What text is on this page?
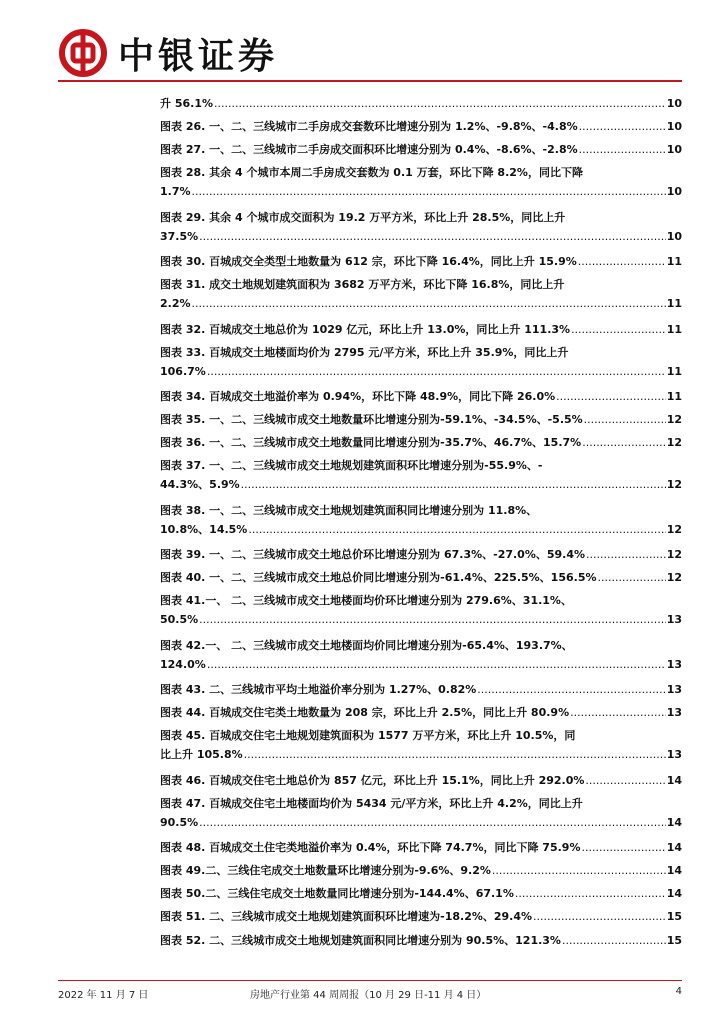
中银证券
升 56.1% .....	10
图表 26. 一、二、三线城市二手房成交套数环比增速分别为 1.2%、-9.8%、-4.8% .....	10
图表 27. 一、二、三线城市二手房成交面积环比增速分别为 0.4%、-8.6%、-2.8% .....	10
图表 28. 其余 4 个城市本周二手房成交套数为 0.1 万套，环比下降 8.2%，同比下降
1.7% .....	10
图表 29. 其余 4 个城市成交面积为 19.2 万平方米，环比上升 28.5%，同比上升
37.5% .....	10
图表 30. 百城成交全类型土地数量为 612 宗，环比下降 16.4%，同比上升 15.9% .....	11
图表 31. 成交土地规划建筑面积为 3682 万平方米，环比下降 16.8%，同比上升
2.2% .....	11
图表 32. 百城成交土地总价为 1029 亿元，环比上升 13.0%，同比上升 111.3% .....	11
图表 33. 百城成交土地楼面均价为 2795 元/平方米，环比上升 35.9%，同比上升
106.7% .....	11
图表 34. 百城成交土地溢价率为 0.94%，环比下降 48.9%，同比下降 26.0% .....	11
图表 35. 一、二、三线城市成交土地数量环比增速分别为-59.1%、-34.5%、-5.5% .....	12
图表 36. 一、二、三线城市成交土地数量同比增速分别为-35.7%、46.7%、15.7% .....	12
图表 37. 一、二、三线城市成交土地规划建筑面积环比增速分别为-55.9%、-
44.3%、5.9% .....	12
图表 38. 一、二、三线城市成交土地规划建筑面积同比增速分别为 11.8%、
10.8%、14.5% .....	12
图表 39. 一、二、三线城市成交土地总价环比增速分别为 67.3%、-27.0%、59.4% .....	12
图表 40. 一、二、三线城市成交土地总价同比增速分别为-61.4%、225.5%、156.5% .....	12
图表 41.一、 二、三线城市成交土地楼面均价环比增速分别为 279.6%、31.1%、
50.5% .....	13
图表 42.一、 二、三线城市成交土地楼面均价同比增速分别为-65.4%、193.7%、
124.0% .....	13
图表 43. 二、三线城市平均土地溢价率分别为 1.27%、0.82% .....	13
图表 44. 百城成交住宅类土地数量为 208 宗，环比上升 2.5%，同比上升 80.9% .....	13
图表 45. 百城成交住宅土地规划建筑面积为 1577 万平方米，环比上升 10.5%，同
比上升 105.8% .....	13
图表 46. 百城成交住宅土地总价为 857 亿元，环比上升 15.1%，同比上升 292.0% .....	14
图表 47. 百城成交住宅土地楼面均价为 5434 元/平方米，环比上升 4.2%，同比上升
90.5% .....	14
图表 48. 百城成交土住宅类地溢价率为 0.4%，环比下降 74.7%，同比下降 75.9% .....	14
图表 49.二、三线住宅成交土地数量环比增速分别为-9.6%、9.2% .....	14
图表 50.二、三线住宅成交土地数量同比增速分别为-144.4%、67.1% .....	14
图表 51. 二、三线城市成交土地规划建筑面积环比增速为-18.2%、29.4% .....	15
图表 52. 二、三线城市成交土地规划建筑面积同比增速分别为 90.5%、121.3% .....	15
2022 年 11 月 7 日	房地产行业第 44 周周报（10 月 29 日-11 月 4 日）	4
